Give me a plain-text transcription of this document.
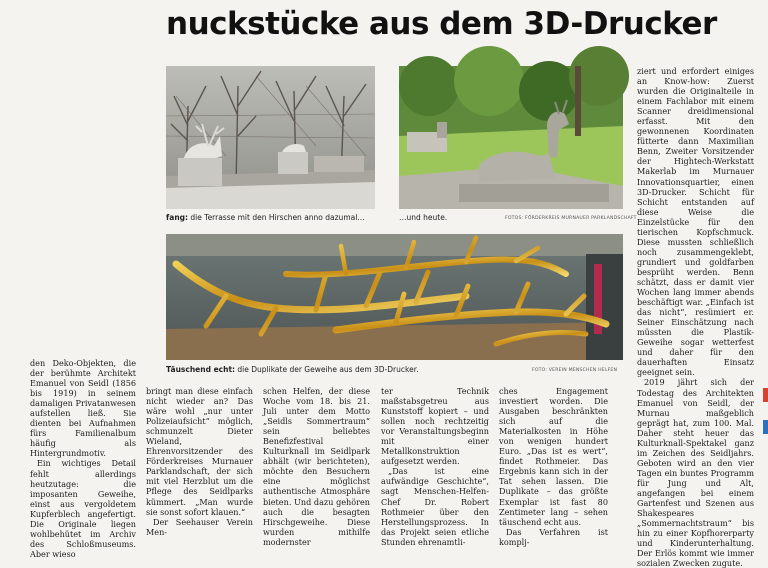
nuckstücke aus dem 3D-Drucker
fang: die Terrasse mit den Hirschen anno dazumal…	…und heute.	FOTOS: FÖRDERKREIS MURNAUER PARKLANDSCHAFT
Täuschend echt: die Duplikate der Geweihe aus dem 3D-Drucker.	FOTO: VEREIN MENSCHEN HELFEN

den Deko-Objekten, die der berühmte Architekt Emanuel von Seidl (1856 bis 1919) in seinem damaligen Privatanwesen aufstellen ließ. Sie dienten bei Aufnahmen fürs Familienalbum häufig als Hintergrundmotiv.

Ein wichtiges Detail fehlt allerdings heutzutage: die imposanten Geweihe, einst aus vergoldetem Kupferblech angefertigt. Die Originale liegen wohlbehütet im Archiv des Schloßmuseums. Aber wieso

bringt man diese einfach nicht wieder an? Das wäre wohl „nur unter Polizeiaufsicht“ möglich, schmunzelt Dieter Wieland, Ehrenvorsitzender des Förderkreises Murnauer Parklandschaft, der sich mit viel Herzblut um die Pflege des Seidlparks kümmert. „Man wurde sie sonst sofort klauen.“

Der Seehauser Verein Men-

schen Helfen, der diese Woche vom 18. bis 21. Juli unter dem Motto „Seidls Sommertraum“ sein beliebtes Benefizfestival Kulturknall im Seidlpark abhält (wir berichteten), möchte den Besuchern eine möglichst authentische Atmosphäre bieten. Und dazu gehören auch die besagten Hirschgeweihe. Diese wurden mithilfe modernster

ter Technik maßstabsgetreu aus Kunststoff kopiert – und sollen noch rechtzeitig vor Veranstaltungsbeginn mit einer Metallkonstruktion aufgesetzt werden.

„Das ist eine aufwändige Geschichte“, sagt Menschen-Helfen-Chef Dr. Robert Rothmeier über den Herstellungsprozess. In das Projekt seien etliche Stunden ehrenamtli-

ches Engagement investiert worden. Die Ausgaben beschränkten sich auf die Materialkosten in Höhe von wenigen hundert Euro. „Das ist es wert“, findet Rothmeier. Das Ergebnis kann sich in der Tat sehen lassen. Die Duplikate – das größte Exemplar ist fast 80 Zentimeter lang – sehen täuschend echt aus.

Das Verfahren ist komplj-

ziert und erfordert einiges an Know-how: Zuerst wurden die Originalteile in einem Fachlabor mit einem Scanner dreidimensional erfasst. Mit den gewonnenen Koordinaten fütterte dann Maximilian Benn, Zweiter Vorsitzender der Hightech-Werkstatt Makerlab im Murnauer Innovationsquartier, einen 3D-Drucker. Schicht für Schicht entstanden auf diese Weise die Einzelstücke für den tierischen Kopfschmuck. Diese mussten schließlich noch zusammengeklebt, grundiert und goldfarben besprüht werden. Benn schätzt, dass er damit vier Wochen lang immer abends beschäftigt war. „Einfach ist das nicht“, resümiert er. Seiner Einschätzung nach müssten die Plastik-Geweihe sogar wetterfest und daher für den dauerhaften Einsatz geeignet sein.

2019 jährt sich der Todestag des Architekten Emanuel von Seidl, der Murnau maßgeblich geprägt hat, zum 100. Mal. Daher steht heuer das Kulturknall-Spektakel ganz im Zeichen des Seidljahrs. Geboten wird an den vier Tagen ein buntes Programm für Jung und Alt, angefangen bei einem Gartenfest und Szenen aus Shakespeares „Sommernachtstraum“ bis hin zu einer Kopfhorerparty und Kinderunterhaltung. Der Erlös kommt wie immer sozialen Zwecken zugute.
